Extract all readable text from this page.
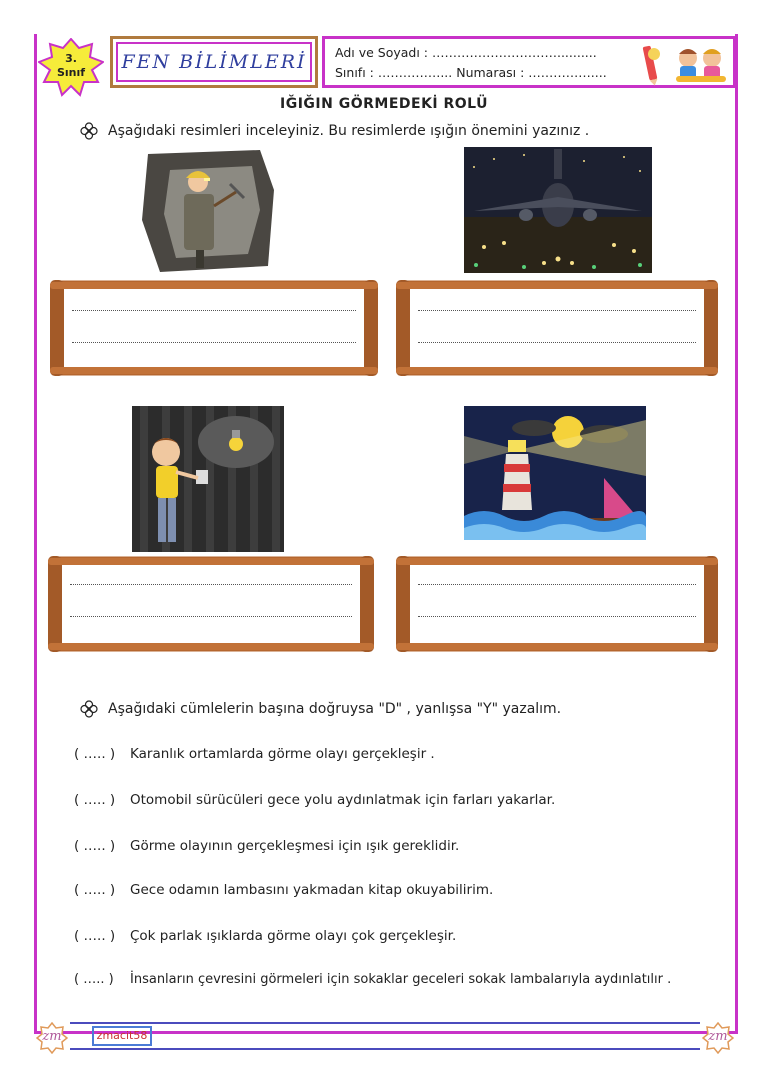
3.
Sınıf	FEN BİLİMLERİ Adı ve Soyadı : …………………………..........
Sınıfı : ……………... Numarası : ……………....
IĞIĞIN GÖRMEDEKİ ROLÜ
Aşağıdaki resimleri inceleyiniz. Bu resimlerde ışığın önemini yazınız .
Aşağıdaki cümlelerin başına doğruysa "D" , yanlışsa "Y" yazalım.
( ….. ) Karanlık ortamlarda görme olayı gerçekleşir .
( ….. ) Otomobil sürücüleri gece yolu aydınlatmak için farları yakarlar.
( ….. ) Görme olayının gerçekleşmesi için ışık gereklidir.
( ….. ) Gece odamın lambasını yakmadan kitap okuyabilirim.
( ….. ) Çok parlak ışıklarda görme olayı çok gerçekleşir.
( ….. ) İnsanların çevresini görmeleri için sokaklar geceleri sokak lambalarıyla aydınlatılır .
zm	zm
zmacit58
